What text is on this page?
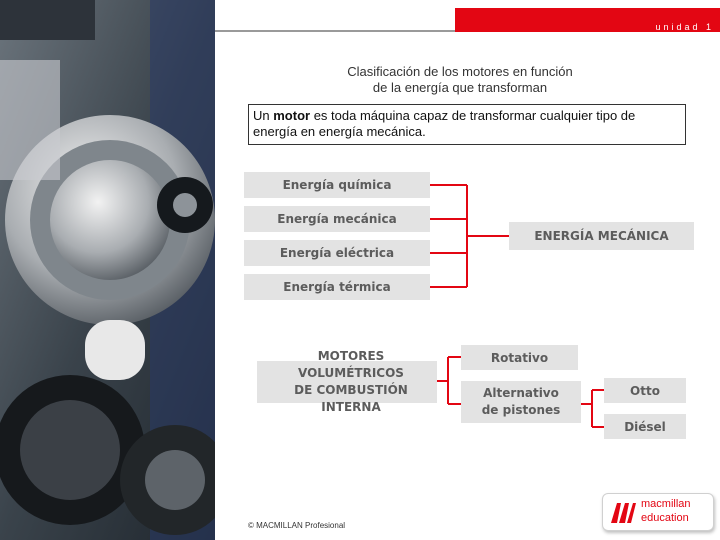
unidad 1
Clasificación de los motores en función
de la energía que transforman
Un motor es toda máquina capaz de transformar cualquier tipo de energía en energía mecánica.
Energía química
Energía mecánica
Energía eléctrica
Energía térmica
ENERGÍA MECÁNICA
MOTORES VOLUMÉTRICOS
DE COMBUSTIÓN INTERNA
Rotativo
Alternativo
de pistones
Otto
Diésel
© MACMILLAN Profesional
macmillan
education
